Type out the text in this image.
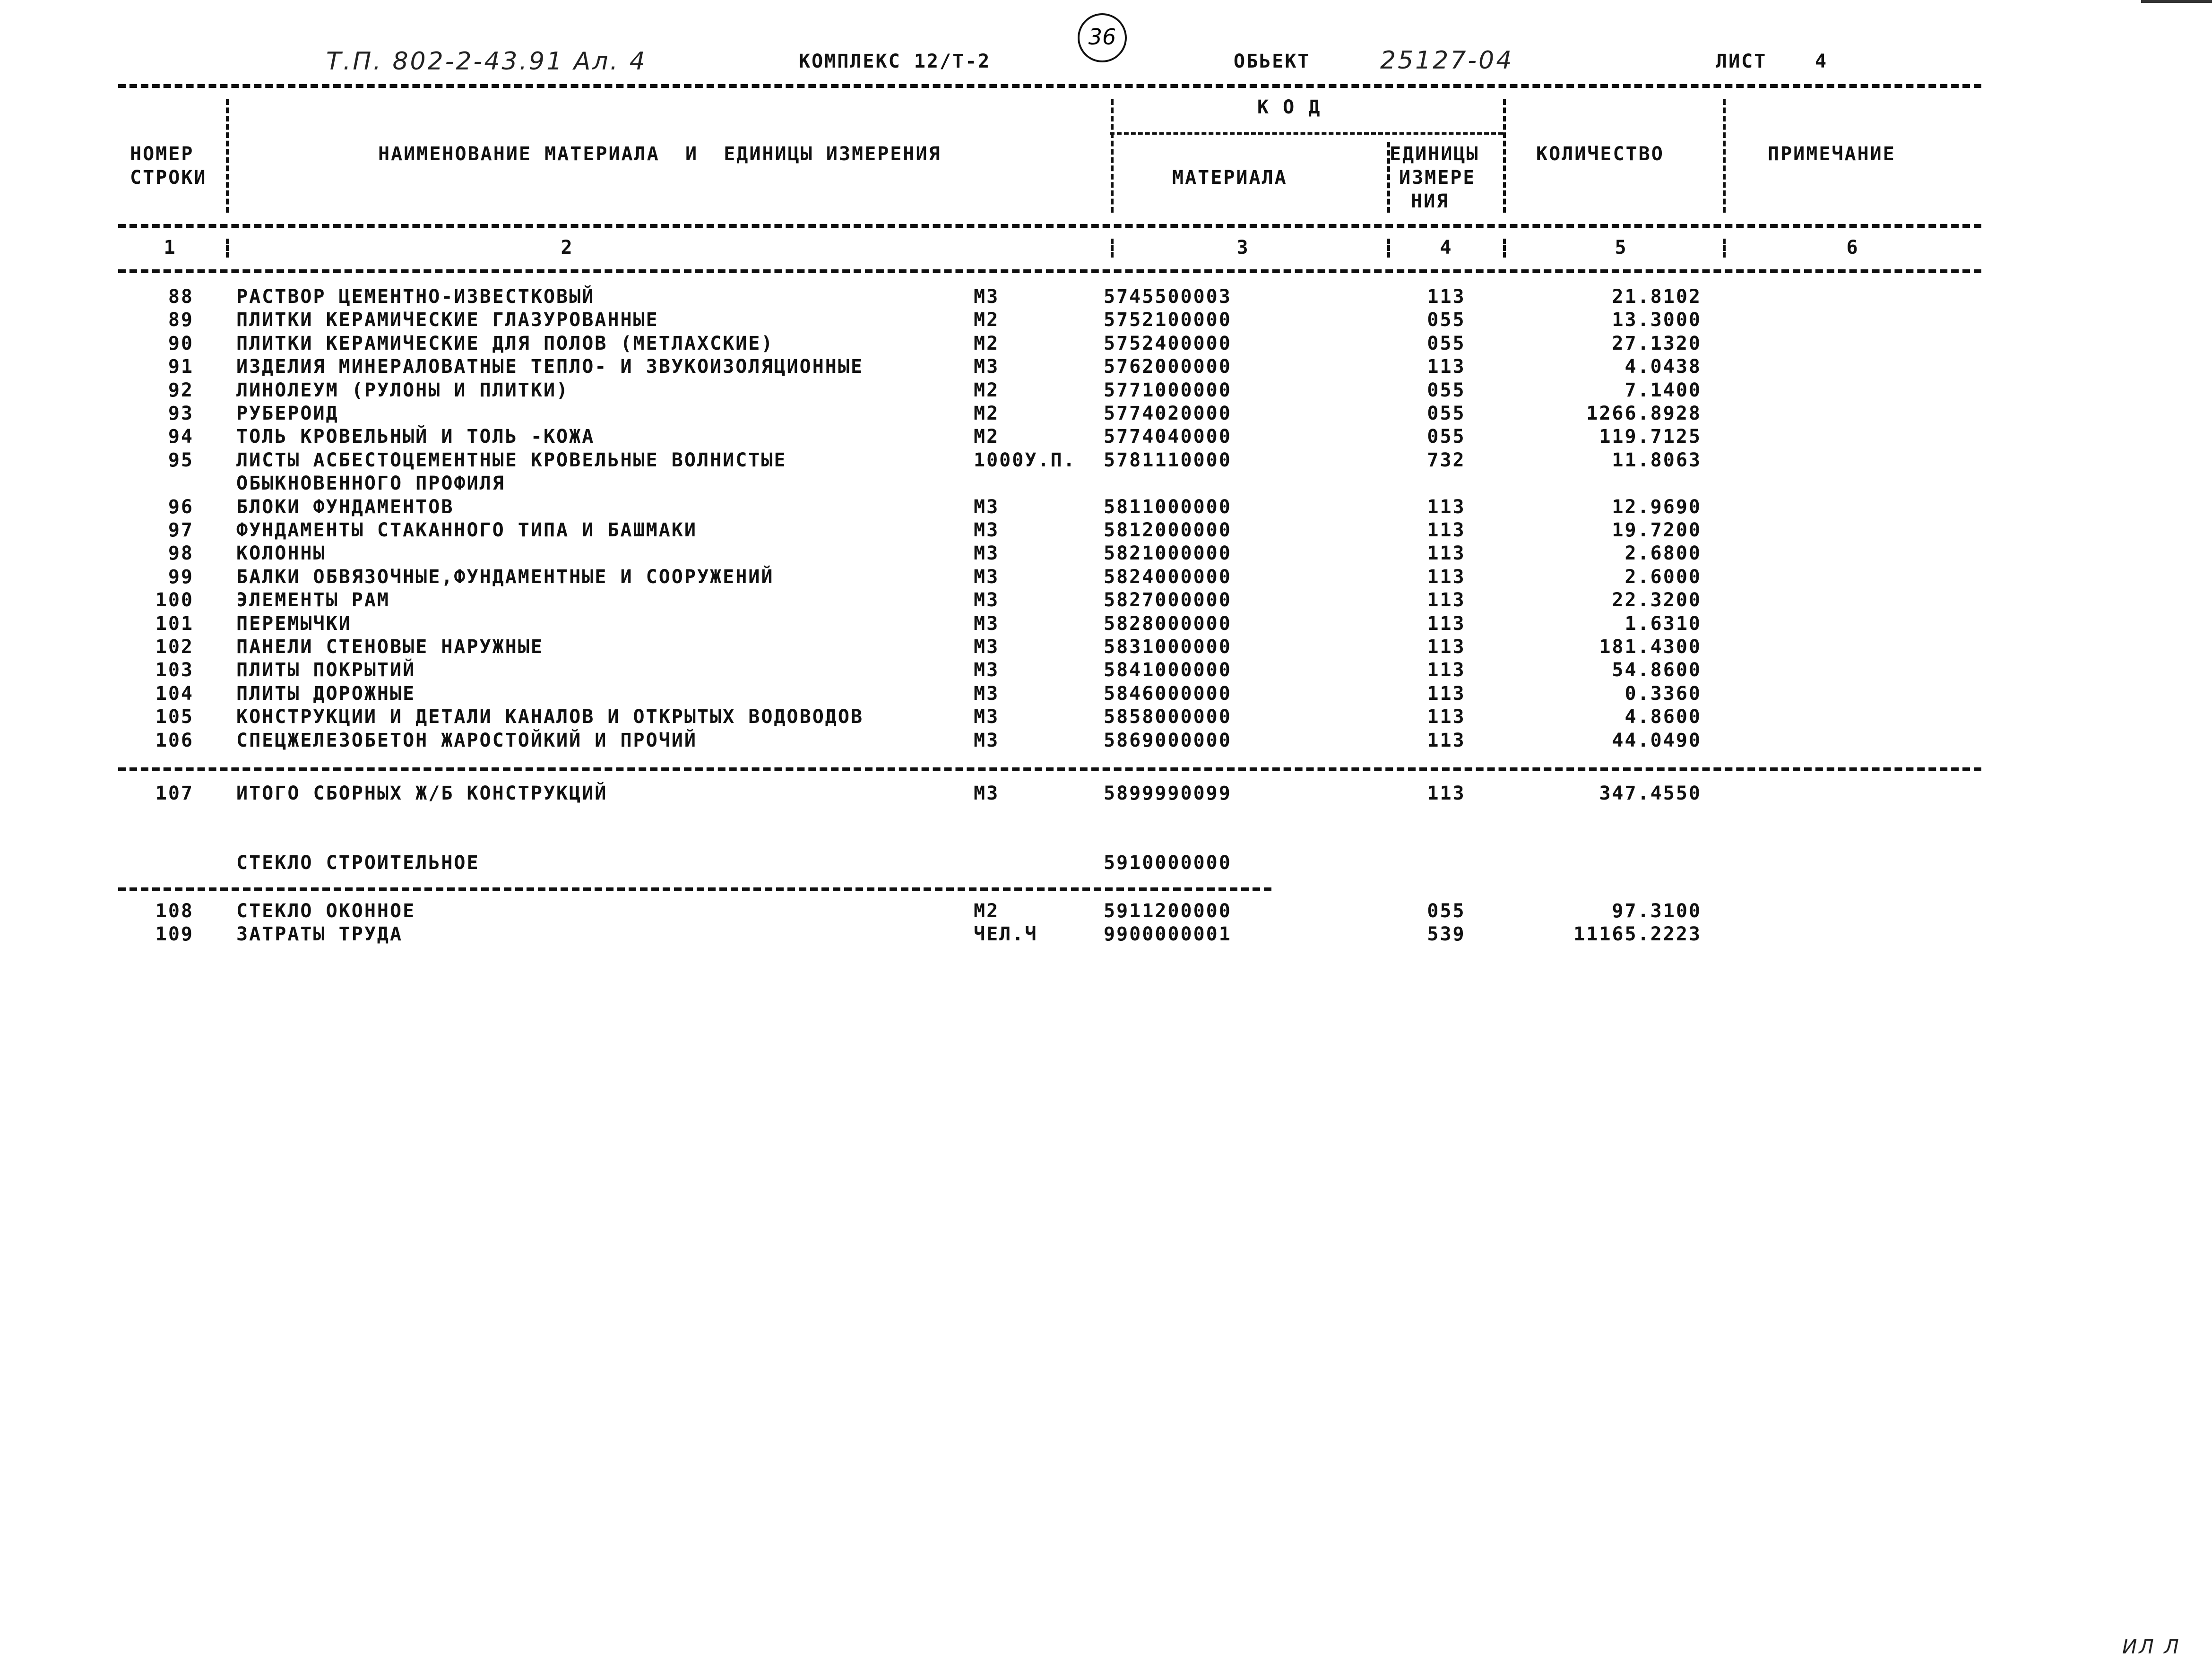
Т.П. 802-2-43.91 Ал. 4	КОМПЛЕКС 12/Т-2
36
ОБЬЕКТ	25127-04	ЛИСТ	4
НОМЕР
СТРОКИ
НАИМЕНОВАНИЕ МАТЕРИАЛА  И  ЕДИНИЦЫ ИЗМЕРЕНИЯ
К О Д
МАТЕРИАЛА
ЕДИНИЦЫ
ИЗМЕРЕ
НИЯ
КОЛИЧЕСТВО	ПРИМЕЧАНИЕ
1	2	3	4	5	6
88 РАСТВОР ЦЕМЕНТНО-ИЗВЕСТКОВЫЙ	М3	5745500003	113	21.8102
89 ПЛИТКИ КЕРАМИЧЕСКИЕ ГЛАЗУРОВАННЫЕ	М2	5752100000	055	13.3000
90 ПЛИТКИ КЕРАМИЧЕСКИЕ ДЛЯ ПОЛОВ (МЕТЛАХСКИЕ)	М2	5752400000	055	27.1320
91 ИЗДЕЛИЯ МИНЕРАЛОВАТНЫЕ ТЕПЛО- И ЗВУКОИЗОЛЯЦИОННЫЕ	М3	5762000000	113	4.0438
92 ЛИНОЛЕУМ (РУЛОНЫ И ПЛИТКИ)	М2	5771000000	055	7.1400
93 РУБЕРОИД	М2	5774020000	055	1266.8928
94 ТОЛЬ КРОВЕЛЬНЫЙ И ТОЛЬ -КОЖА	М2	5774040000	055	119.7125
95 ЛИСТЫ АСБЕСТОЦЕМЕНТНЫЕ КРОВЕЛЬНЫЕ ВОЛНИСТЫЕ	1000У.П. 5781110000	732	11.8063
ОБЫКНОВЕННОГО ПРОФИЛЯ
96 БЛОКИ ФУНДАМЕНТОВ	М3	5811000000	113	12.9690
97 ФУНДАМЕНТЫ СТАКАННОГО ТИПА И БАШМАКИ	М3	5812000000	113	19.7200
98 КОЛОННЫ	М3	5821000000	113	2.6800
99 БАЛКИ ОБВЯЗОЧНЫЕ,ФУНДАМЕНТНЫЕ И СООРУЖЕНИЙ	М3	5824000000	113	2.6000
100 ЭЛЕМЕНТЫ РАМ	М3	5827000000	113	22.3200
101 ПЕРЕМЫЧКИ	М3	5828000000	113	1.6310
102 ПАНЕЛИ СТЕНОВЫЕ НАРУЖНЫЕ	М3	5831000000	113	181.4300
103 ПЛИТЫ ПОКРЫТИЙ	М3	5841000000	113	54.8600
104 ПЛИТЫ ДОРОЖНЫЕ	М3	5846000000	113	0.3360
105 КОНСТРУКЦИИ И ДЕТАЛИ КАНАЛОВ И ОТКРЫТЫХ ВОДОВОДОВ	М3	5858000000	113	4.8600
106 СПЕЦЖЕЛЕЗОБЕТОН ЖАРОСТОЙКИЙ И ПРОЧИЙ	М3	5869000000	113	44.0490
107 ИТОГО СБОРНЫХ Ж/Б КОНСТРУКЦИЙ	М3	5899990099	113	347.4550
СТЕКЛО СТРОИТЕЛЬНОЕ	5910000000
108 СТЕКЛО ОКОННОЕ	М2	5911200000	055	97.3100
109 ЗАТРАТЫ ТРУДА	ЧЕЛ.Ч	9900000001	539	11165.2223
ИЛ Л
